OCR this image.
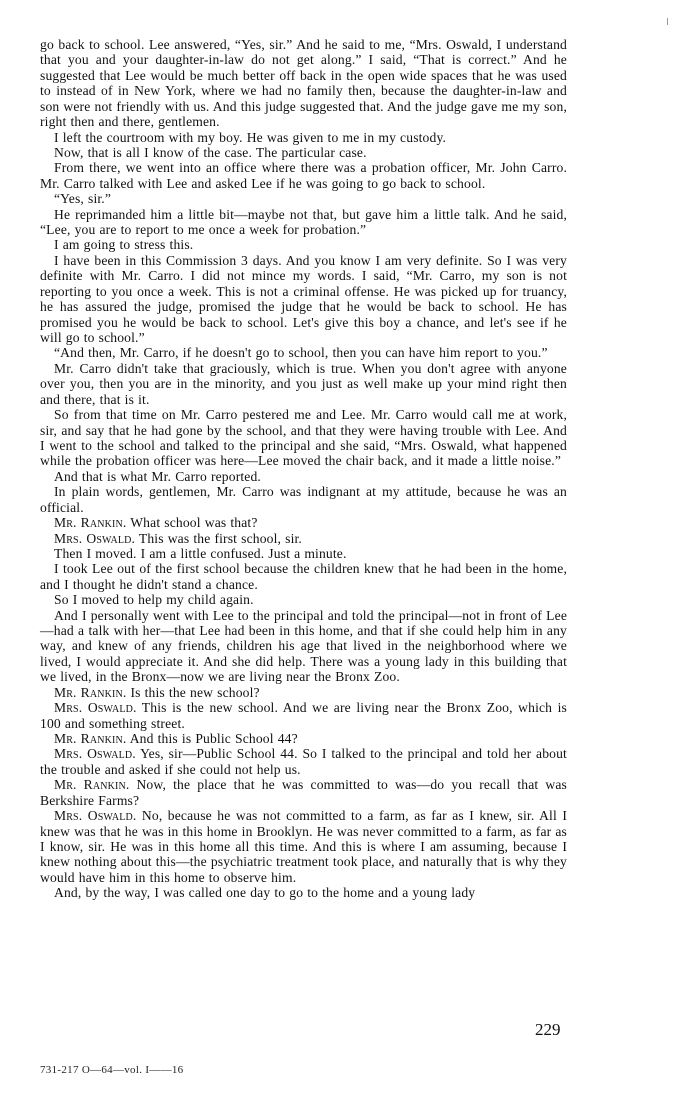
go back to school. Lee answered, “Yes, sir.” And he said to me, “Mrs. Oswald, I understand that you and your daughter-in-law do not get along.” I said, “That is correct.” And he suggested that Lee would be much better off back in the open wide spaces that he was used to instead of in New York, where we had no family then, because the daughter-in-law and son were not friendly with us. And this judge suggested that. And the judge gave me my son, right then and there, gentlemen.

I left the courtroom with my boy. He was given to me in my custody.

Now, that is all I know of the case. The particular case.

From there, we went into an office where there was a probation officer, Mr. John Carro. Mr. Carro talked with Lee and asked Lee if he was going to go back to school.

“Yes, sir.”

He reprimanded him a little bit—maybe not that, but gave him a little talk. And he said, “Lee, you are to report to me once a week for probation.”

I am going to stress this.

I have been in this Commission 3 days. And you know I am very definite. So I was very definite with Mr. Carro. I did not mince my words. I said, “Mr. Carro, my son is not reporting to you once a week. This is not a criminal offense. He was picked up for truancy, he has assured the judge, promised the judge that he would be back to school. He has promised you he would be back to school. Let's give this boy a chance, and let's see if he will go to school.”

“And then, Mr. Carro, if he doesn't go to school, then you can have him report to you.”

Mr. Carro didn't take that graciously, which is true. When you don't agree with anyone over you, then you are in the minority, and you just as well make up your mind right then and there, that is it.

So from that time on Mr. Carro pestered me and Lee. Mr. Carro would call me at work, sir, and say that he had gone by the school, and that they were having trouble with Lee. And I went to the school and talked to the principal and she said, “Mrs. Oswald, what happened while the probation officer was here—Lee moved the chair back, and it made a little noise.”

And that is what Mr. Carro reported.

In plain words, gentlemen, Mr. Carro was indignant at my attitude, because he was an official.

Mr. Rankin. What school was that?

Mrs. Oswald. This was the first school, sir.

Then I moved. I am a little confused. Just a minute.

I took Lee out of the first school because the children knew that he had been in the home, and I thought he didn't stand a chance.

So I moved to help my child again.

And I personally went with Lee to the principal and told the principal—not in front of Lee—had a talk with her—that Lee had been in this home, and that if she could help him in any way, and knew of any friends, children his age that lived in the neighborhood where we lived, I would appreciate it. And she did help. There was a young lady in this building that we lived, in the Bronx—now we are living near the Bronx Zoo.

Mr. Rankin. Is this the new school?

Mrs. Oswald. This is the new school. And we are living near the Bronx Zoo, which is 100 and something street.

Mr. Rankin. And this is Public School 44?

Mrs. Oswald. Yes, sir—Public School 44. So I talked to the principal and told her about the trouble and asked if she could not help us.

Mr. Rankin. Now, the place that he was committed to was—do you recall that was Berkshire Farms?

Mrs. Oswald. No, because he was not committed to a farm, as far as I knew, sir. All I knew was that he was in this home in Brooklyn. He was never committed to a farm, as far as I know, sir. He was in this home all this time. And this is where I am assuming, because I knew nothing about this—the psychiatric treatment took place, and naturally that is why they would have him in this home to observe him.

And, by the way, I was called one day to go to the home and a young lady

229
731-217 O—64—vol. I——16
